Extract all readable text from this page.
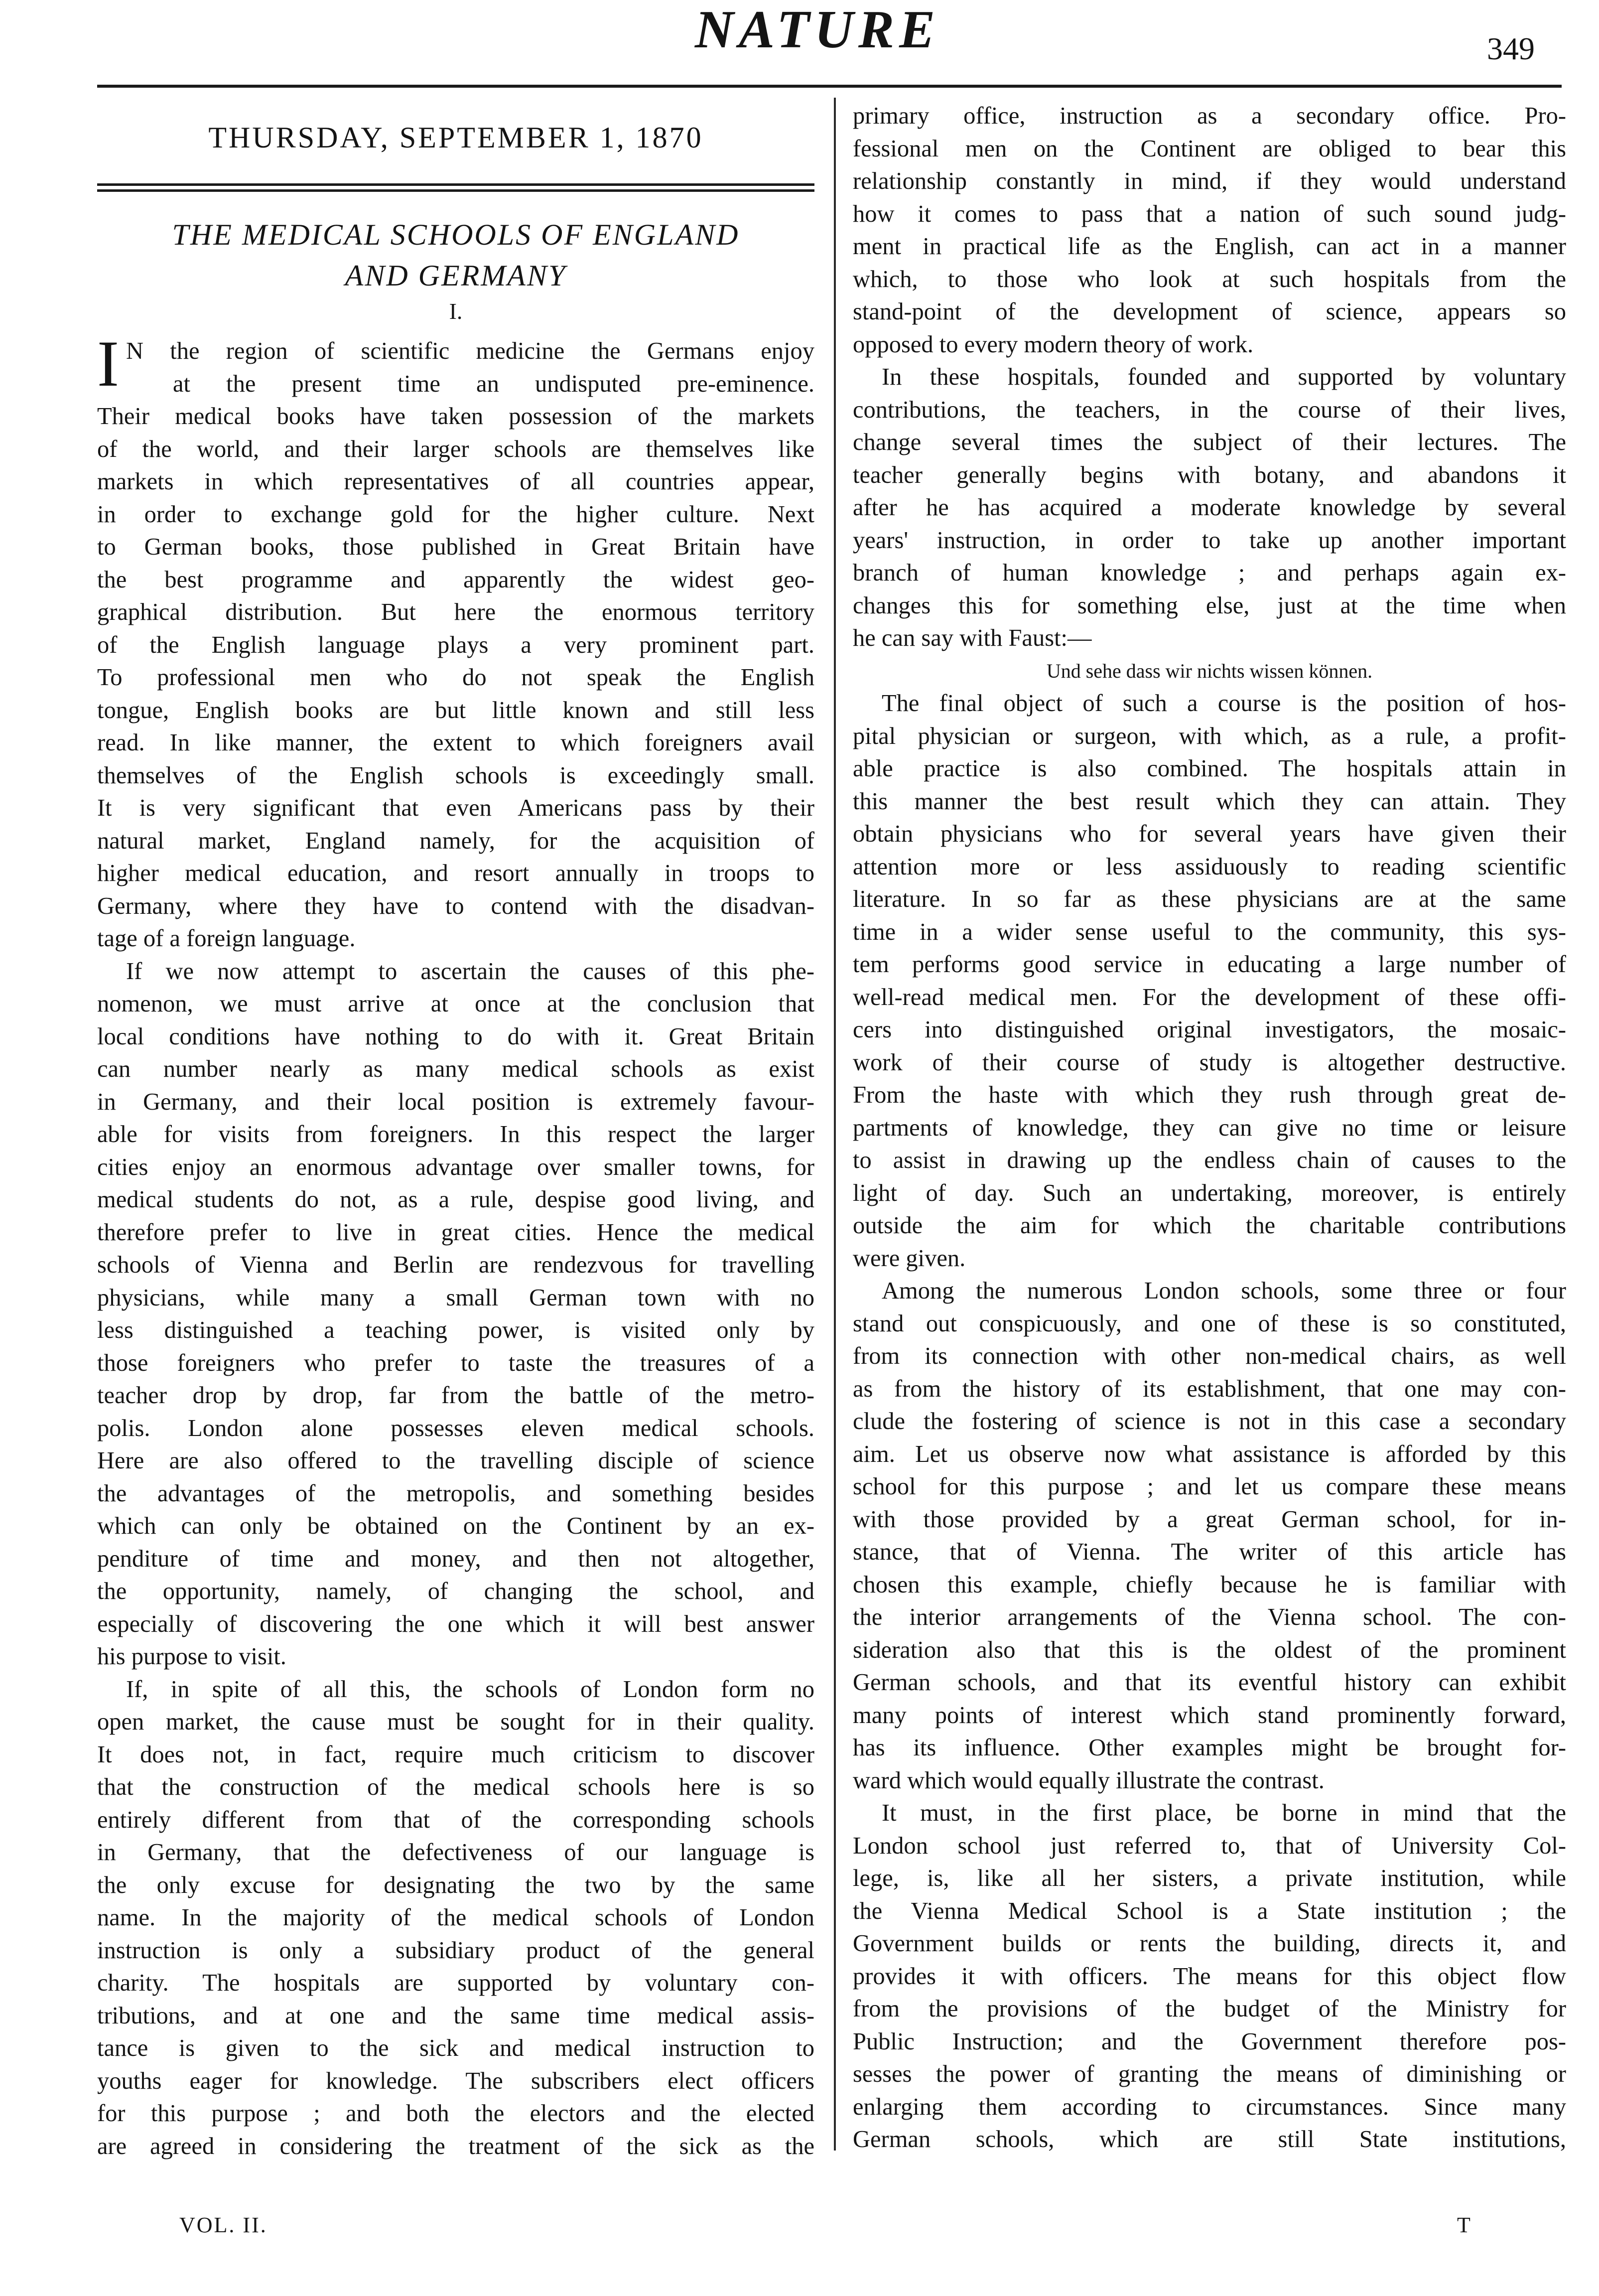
NATURE	349
THURSDAY, SEPTEMBER 1, 1870
THE MEDICAL SCHOOLS OF ENGLAND
AND GERMANY
I.
I N the region of scientific medicine the Germans enjoy
at the present time an undisputed pre-eminence.
Their medical books have taken possession of the markets
of the world, and their larger schools are themselves like
markets in which representatives of all countries appear,
in order to exchange gold for the higher culture. Next
to German books, those published in Great Britain have
the best programme and apparently the widest geo-
graphical distribution. But here the enormous territory
of the English language plays a very prominent part.
To professional men who do not speak the English
tongue, English books are but little known and still less
read. In like manner, the extent to which foreigners avail
themselves of the English schools is exceedingly small.
It is very significant that even Americans pass by their
natural market, England namely, for the acquisition of
higher medical education, and resort annually in troops to
Germany, where they have to contend with the disadvan-
tage of a foreign language.
If we now attempt to ascertain the causes of this phe-
nomenon, we must arrive at once at the conclusion that
local conditions have nothing to do with it. Great Britain
can number nearly as many medical schools as exist
in Germany, and their local position is extremely favour-
able for visits from foreigners. In this respect the larger
cities enjoy an enormous advantage over smaller towns, for
medical students do not, as a rule, despise good living, and
therefore prefer to live in great cities. Hence the medical
schools of Vienna and Berlin are rendezvous for travelling
physicians, while many a small German town with no
less distinguished a teaching power, is visited only by
those foreigners who prefer to taste the treasures of a
teacher drop by drop, far from the battle of the metro-
polis. London alone possesses eleven medical schools.
Here are also offered to the travelling disciple of science
the advantages of the metropolis, and something besides
which can only be obtained on the Continent by an ex-
penditure of time and money, and then not altogether,
the opportunity, namely, of changing the school, and
especially of discovering the one which it will best answer
his purpose to visit.
If, in spite of all this, the schools of London form no
open market, the cause must be sought for in their quality.
It does not, in fact, require much criticism to discover
that the construction of the medical schools here is so
entirely different from that of the corresponding schools
in Germany, that the defectiveness of our language is
the only excuse for designating the two by the same
name. In the majority of the medical schools of London
instruction is only a subsidiary product of the general
charity. The hospitals are supported by voluntary con-
tributions, and at one and the same time medical assis-
tance is given to the sick and medical instruction to
youths eager for knowledge. The subscribers elect officers
for this purpose ; and both the electors and the elected
are agreed in considering the treatment of the sick as the
primary office, instruction as a secondary office. Pro-
fessional men on the Continent are obliged to bear this
relationship constantly in mind, if they would understand
how it comes to pass that a nation of such sound judg-
ment in practical life as the English, can act in a manner
which, to those who look at such hospitals from the
stand-point of the development of science, appears so
opposed to every modern theory of work.
In these hospitals, founded and supported by voluntary
contributions, the teachers, in the course of their lives,
change several times the subject of their lectures. The
teacher generally begins with botany, and abandons it
after he has acquired a moderate knowledge by several
years' instruction, in order to take up another important
branch of human knowledge ; and perhaps again ex-
changes this for something else, just at the time when
he can say with Faust:—
Und sehe dass wir nichts wissen können.
The final object of such a course is the position of hos-
pital physician or surgeon, with which, as a rule, a profit-
able practice is also combined. The hospitals attain in
this manner the best result which they can attain. They
obtain physicians who for several years have given their
attention more or less assiduously to reading scientific
literature. In so far as these physicians are at the same
time in a wider sense useful to the community, this sys-
tem performs good service in educating a large number of
well-read medical men. For the development of these offi-
cers into distinguished original investigators, the mosaic-
work of their course of study is altogether destructive.
From the haste with which they rush through great de-
partments of knowledge, they can give no time or leisure
to assist in drawing up the endless chain of causes to the
light of day. Such an undertaking, moreover, is entirely
outside the aim for which the charitable contributions
were given.
Among the numerous London schools, some three or four
stand out conspicuously, and one of these is so constituted,
from its connection with other non-medical chairs, as well
as from the history of its establishment, that one may con-
clude the fostering of science is not in this case a secondary
aim. Let us observe now what assistance is afforded by this
school for this purpose ; and let us compare these means
with those provided by a great German school, for in-
stance, that of Vienna. The writer of this article has
chosen this example, chiefly because he is familiar with
the interior arrangements of the Vienna school. The con-
sideration also that this is the oldest of the prominent
German schools, and that its eventful history can exhibit
many points of interest which stand prominently forward,
has its influence. Other examples might be brought for-
ward which would equally illustrate the contrast.
It must, in the first place, be borne in mind that the
London school just referred to, that of University Col-
lege, is, like all her sisters, a private institution, while
the Vienna Medical School is a State institution ; the
Government builds or rents the building, directs it, and
provides it with officers. The means for this object flow
from the provisions of the budget of the Ministry for
Public Instruction; and the Government therefore pos-
sesses the power of granting the means of diminishing or
enlarging them according to circumstances. Since many
German schools, which are still State institutions,
VOL. II.	T
